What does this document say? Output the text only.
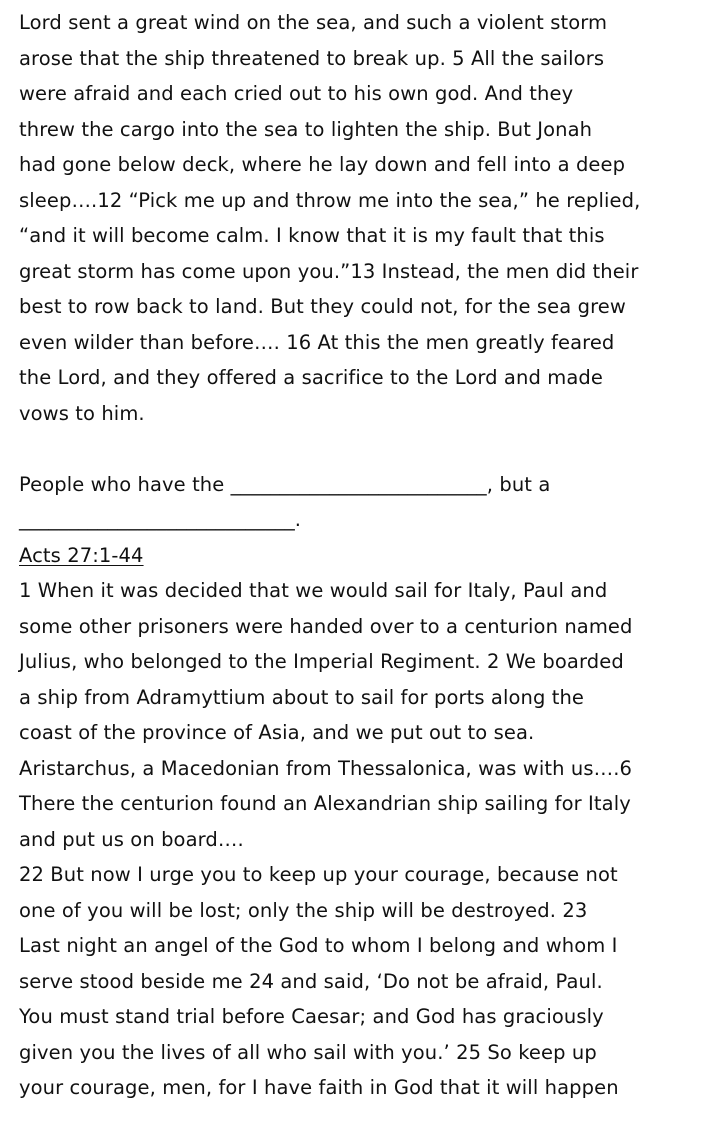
Lord sent a great wind on the sea, and such a violent storm
arose that the ship threatened to break up. 5 All the sailors
were afraid and each cried out to his own god. And they
threw the cargo into the sea to lighten the ship. But Jonah
had gone below deck, where he lay down and fell into a deep
sleep….12 “Pick me up and throw me into the sea,” he replied,
“and it will become calm. I know that it is my fault that this
great storm has come upon you.”13 Instead, the men did their
best to row back to land. But they could not, for the sea grew
even wilder than before…. 16 At this the men greatly feared
the Lord, and they offered a sacrifice to the Lord and made
vows to him.
People who have the __________________________, but a
____________________________.
Acts 27:1-44
1 When it was decided that we would sail for Italy, Paul and
some other prisoners were handed over to a centurion named
Julius, who belonged to the Imperial Regiment. 2 We boarded
a ship from Adramyttium about to sail for ports along the
coast of the province of Asia, and we put out to sea.
Aristarchus, a Macedonian from Thessalonica, was with us….6
There the centurion found an Alexandrian ship sailing for Italy
and put us on board….
22 But now I urge you to keep up your courage, because not
one of you will be lost; only the ship will be destroyed. 23
Last night an angel of the God to whom I belong and whom I
serve stood beside me 24 and said, ‘Do not be afraid, Paul.
You must stand trial before Caesar; and God has graciously
given you the lives of all who sail with you.’ 25 So keep up
your courage, men, for I have faith in God that it will happen
